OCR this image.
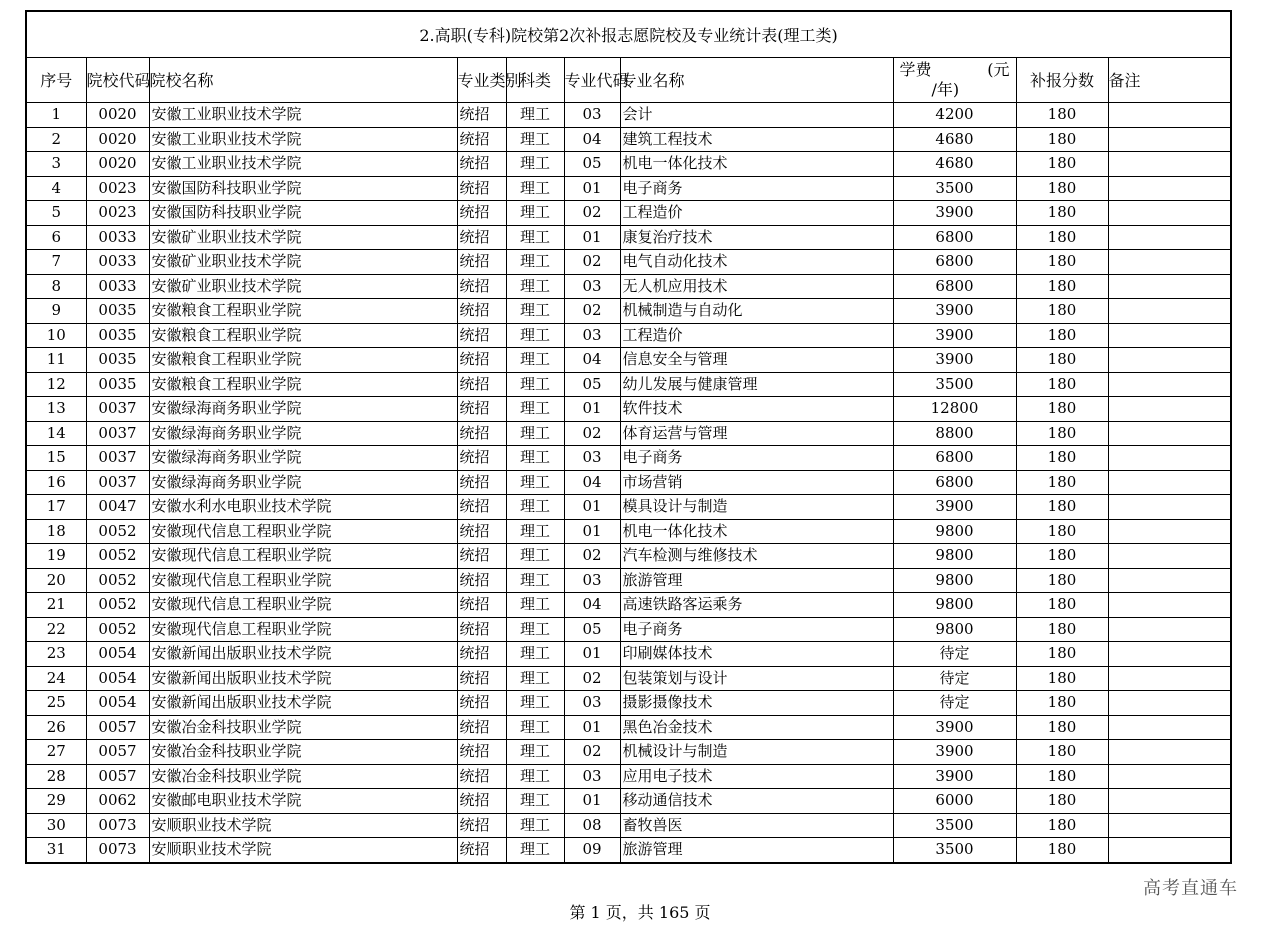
2.高职(专科)院校第2次补报志愿院校及专业统计表(理工类)									
序号	院校代码	院校名称	专业类别	科类	专业代码	专业名称	学费 (元
/年)	补报分数	备注
1	0020	安徽工业职业技术学院	统招	理工	03	会计	4200	180	
2	0020	安徽工业职业技术学院	统招	理工	04	建筑工程技术	4680	180	
3	0020	安徽工业职业技术学院	统招	理工	05	机电一体化技术	4680	180	
4	0023	安徽国防科技职业学院	统招	理工	01	电子商务	3500	180	
5	0023	安徽国防科技职业学院	统招	理工	02	工程造价	3900	180	
6	0033	安徽矿业职业技术学院	统招	理工	01	康复治疗技术	6800	180	
7	0033	安徽矿业职业技术学院	统招	理工	02	电气自动化技术	6800	180	
8	0033	安徽矿业职业技术学院	统招	理工	03	无人机应用技术	6800	180	
9	0035	安徽粮食工程职业学院	统招	理工	02	机械制造与自动化	3900	180	
10	0035	安徽粮食工程职业学院	统招	理工	03	工程造价	3900	180	
11	0035	安徽粮食工程职业学院	统招	理工	04	信息安全与管理	3900	180	
12	0035	安徽粮食工程职业学院	统招	理工	05	幼儿发展与健康管理	3500	180	
13	0037	安徽绿海商务职业学院	统招	理工	01	软件技术	12800	180	
14	0037	安徽绿海商务职业学院	统招	理工	02	体育运营与管理	8800	180	
15	0037	安徽绿海商务职业学院	统招	理工	03	电子商务	6800	180	
16	0037	安徽绿海商务职业学院	统招	理工	04	市场营销	6800	180	
17	0047	安徽水利水电职业技术学院	统招	理工	01	模具设计与制造	3900	180	
18	0052	安徽现代信息工程职业学院	统招	理工	01	机电一体化技术	9800	180	
19	0052	安徽现代信息工程职业学院	统招	理工	02	汽车检测与维修技术	9800	180	
20	0052	安徽现代信息工程职业学院	统招	理工	03	旅游管理	9800	180	
21	0052	安徽现代信息工程职业学院	统招	理工	04	高速铁路客运乘务	9800	180	
22	0052	安徽现代信息工程职业学院	统招	理工	05	电子商务	9800	180	
23	0054	安徽新闻出版职业技术学院	统招	理工	01	印刷媒体技术	待定	180	
24	0054	安徽新闻出版职业技术学院	统招	理工	02	包装策划与设计	待定	180	
25	0054	安徽新闻出版职业技术学院	统招	理工	03	摄影摄像技术	待定	180	
26	0057	安徽冶金科技职业学院	统招	理工	01	黑色冶金技术	3900	180	
27	0057	安徽冶金科技职业学院	统招	理工	02	机械设计与制造	3900	180	
28	0057	安徽冶金科技职业学院	统招	理工	03	应用电子技术	3900	180	
29	0062	安徽邮电职业技术学院	统招	理工	01	移动通信技术	6000	180	
30	0073	安顺职业技术学院	统招	理工	08	畜牧兽医	3500	180	
31	0073	安顺职业技术学院	统招	理工	09	旅游管理	3500	180	
高考直通车
第 1 页，共 165 页
